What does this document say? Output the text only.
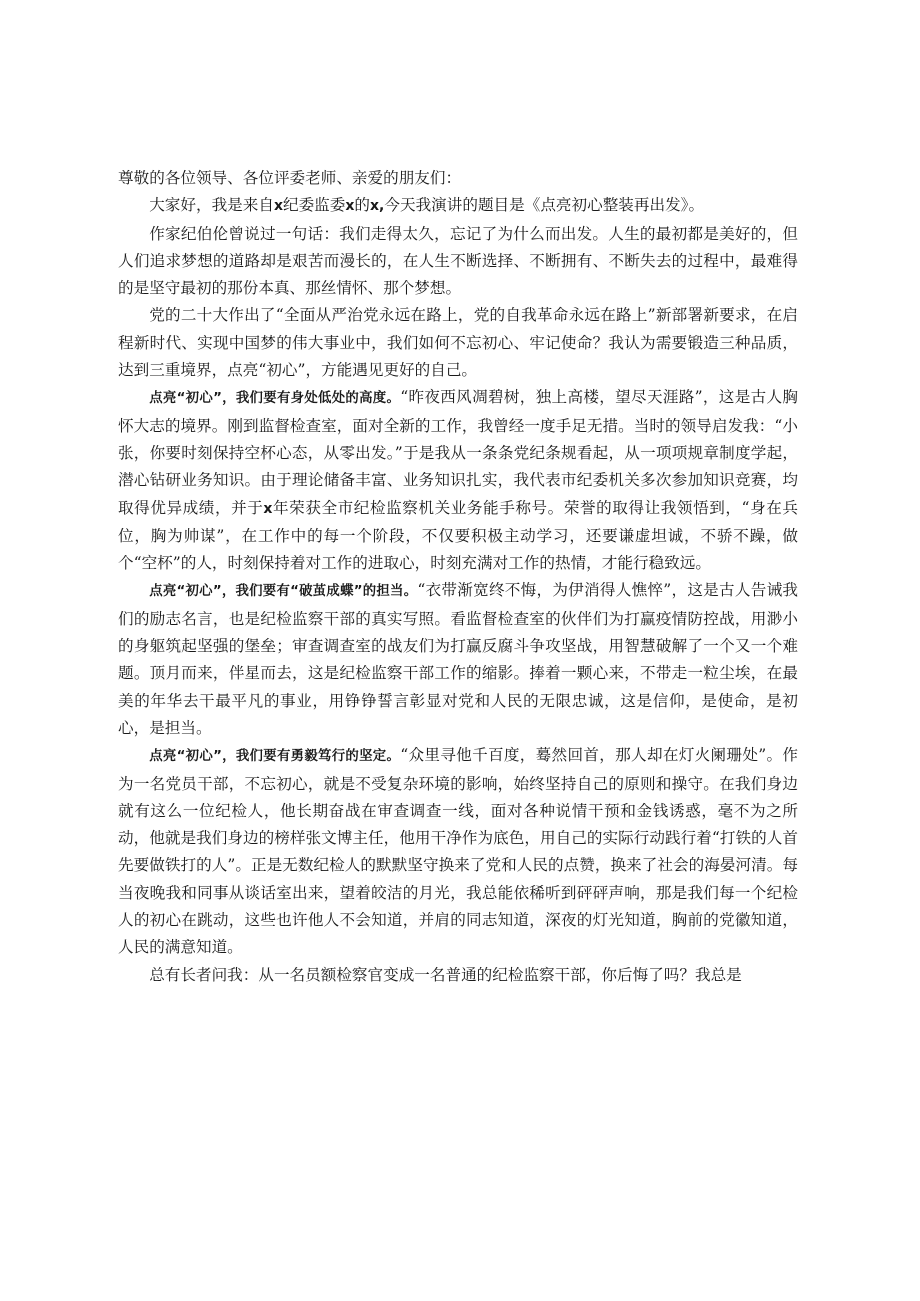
尊敬的各位领导、各位评委老师、亲爱的朋友们：

大家好，我是来自x纪委监委x的x,今天我演讲的题目是《点亮初心整装再出发》。

作家纪伯伦曾说过一句话：我们走得太久，忘记了为什么而出发。人生的最初都是美好的，但人们追求梦想的道路却是艰苦而漫长的，在人生不断选择、不断拥有、不断失去的过程中，最难得的是坚守最初的那份本真、那丝情怀、那个梦想。

党的二十大作出了“全面从严治党永远在路上，党的自我革命永远在路上”新部署新要求，在启程新时代、实现中国梦的伟大事业中，我们如何不忘初心、牢记使命？我认为需要锻造三种品质，达到三重境界，点亮“初心”，方能遇见更好的自己。

点亮“初心”，我们要有身处低处的高度。“昨夜西风凋碧树，独上高楼，望尽天涯路”，这是古人胸怀大志的境界。刚到监督检查室，面对全新的工作，我曾经一度手足无措。当时的领导启发我：“小张，你要时刻保持空杯心态，从零出发。”于是我从一条条党纪条规看起，从一项项规章制度学起，潜心钻研业务知识。由于理论储备丰富、业务知识扎实，我代表市纪委机关多次参加知识竞赛，均取得优异成绩，并于x年荣获全市纪检监察机关业务能手称号。荣誉的取得让我领悟到，“身在兵位，胸为帅谋”，在工作中的每一个阶段，不仅要积极主动学习，还要谦虚坦诚，不骄不躁，做个“空杯”的人，时刻保持着对工作的进取心，时刻充满对工作的热情，才能行稳致远。

点亮“初心”，我们要有“破茧成蝶”的担当。“衣带渐宽终不悔，为伊消得人憔悴”，这是古人告诫我们的励志名言，也是纪检监察干部的真实写照。看监督检查室的伙伴们为打赢疫情防控战，用渺小的身躯筑起坚强的堡垒；审查调查室的战友们为打赢反腐斗争攻坚战，用智慧破解了一个又一个难题。顶月而来，伴星而去，这是纪检监察干部工作的缩影。捧着一颗心来，不带走一粒尘埃，在最美的年华去干最平凡的事业，用铮铮誓言彰显对党和人民的无限忠诚，这是信仰，是使命，是初心，是担当。

点亮“初心”，我们要有勇毅笃行的坚定。“众里寻他千百度，蓦然回首，那人却在灯火阑珊处”。作为一名党员干部，不忘初心，就是不受复杂环境的影响，始终坚持自己的原则和操守。在我们身边就有这么一位纪检人，他长期奋战在审查调查一线，面对各种说情干预和金钱诱惑，毫不为之所动，他就是我们身边的榜样张文博主任，他用干净作为底色，用自己的实际行动践行着“打铁的人首先要做铁打的人”。正是无数纪检人的默默坚守换来了党和人民的点赞，换来了社会的海晏河清。每当夜晚我和同事从谈话室出来，望着皎洁的月光，我总能依稀听到砰砰声响，那是我们每一个纪检人的初心在跳动，这些也许他人不会知道，并肩的同志知道，深夜的灯光知道，胸前的党徽知道，人民的满意知道。

总有长者问我：从一名员额检察官变成一名普通的纪检监察干部，你后悔了吗？我总是
